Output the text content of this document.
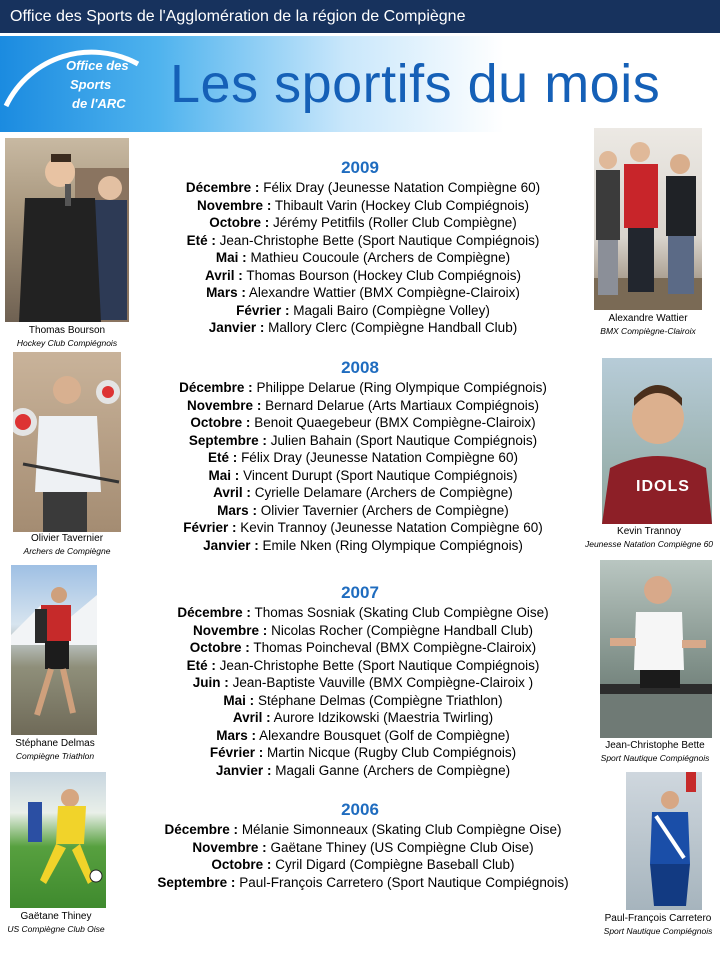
Office des Sports de l'Agglomération de la région de Compiègne
Office des
Sports
de l'ARC Les sportifs du mois
2009
Décembre : Félix Dray (Jeunesse Natation Compiègne 60)
Novembre : Thibault Varin (Hockey Club Compiégnois)
Octobre : Jérémy Petitfils (Roller Club Compiègne)
Eté : Jean-Christophe Bette (Sport Nautique Compiégnois)
Mai : Mathieu Coucoule (Archers de Compiègne)
Avril : Thomas Bourson (Hockey Club Compiégnois)
Mars : Alexandre Wattier (BMX Compiègne-Clairoix)
Février : Magali Bairo (Compiègne Volley)
Janvier : Mallory Clerc (Compiègne Handball Club)
2008
Décembre : Philippe Delarue (Ring Olympique Compiégnois)
Novembre : Bernard Delarue (Arts Martiaux Compiégnois)
Octobre : Benoit Quaegebeur (BMX Compiègne-Clairoix)
Septembre : Julien Bahain (Sport Nautique Compiégnois)
Eté : Félix Dray (Jeunesse Natation Compiègne 60)
Mai : Vincent Durupt (Sport Nautique Compiégnois)
Avril : Cyrielle Delamare (Archers de Compiègne)
Mars : Olivier Tavernier (Archers de Compiègne)
Février : Kevin Trannoy (Jeunesse Natation Compiègne 60)
Janvier : Emile Nken (Ring Olympique Compiégnois)
2007
Décembre : Thomas Sosniak (Skating Club Compiègne Oise)
Novembre : Nicolas Rocher (Compiègne Handball Club)
Octobre : Thomas Poincheval (BMX Compiègne-Clairoix)
Eté : Jean-Christophe Bette (Sport Nautique Compiégnois)
Juin : Jean-Baptiste Vauville (BMX Compiègne-Clairoix )
Mai : Stéphane Delmas (Compiègne Triathlon)
Avril : Aurore Idzikowski (Maestria Twirling)
Mars : Alexandre Bousquet (Golf de Compiègne)
Février : Martin Nicque (Rugby Club Compiégnois)
Janvier : Magali Ganne (Archers de Compiègne)
2006
Décembre : Mélanie Simonneaux (Skating Club Compiègne Oise)
Novembre : Gaëtane Thiney (US Compiègne Club Oise)
Octobre : Cyril Digard (Compiègne Baseball Club)
Septembre : Paul-François Carretero (Sport Nautique Compiégnois)
Thomas Bourson
Hockey Club Compiégnois
Alexandre Wattier
BMX Compiègne-Clairoix
Olivier Tavernier
Archers de Compiègne
IDOLS
Kevin Trannoy
Jeunesse Natation Compiègne 60
Stéphane Delmas
Compiègne Triathlon
Jean-Christophe Bette
Sport Nautique Compiégnois
Gaëtane Thiney
US Compiègne Club Oise
Paul-François Carretero
Sport Nautique Compiégnois
